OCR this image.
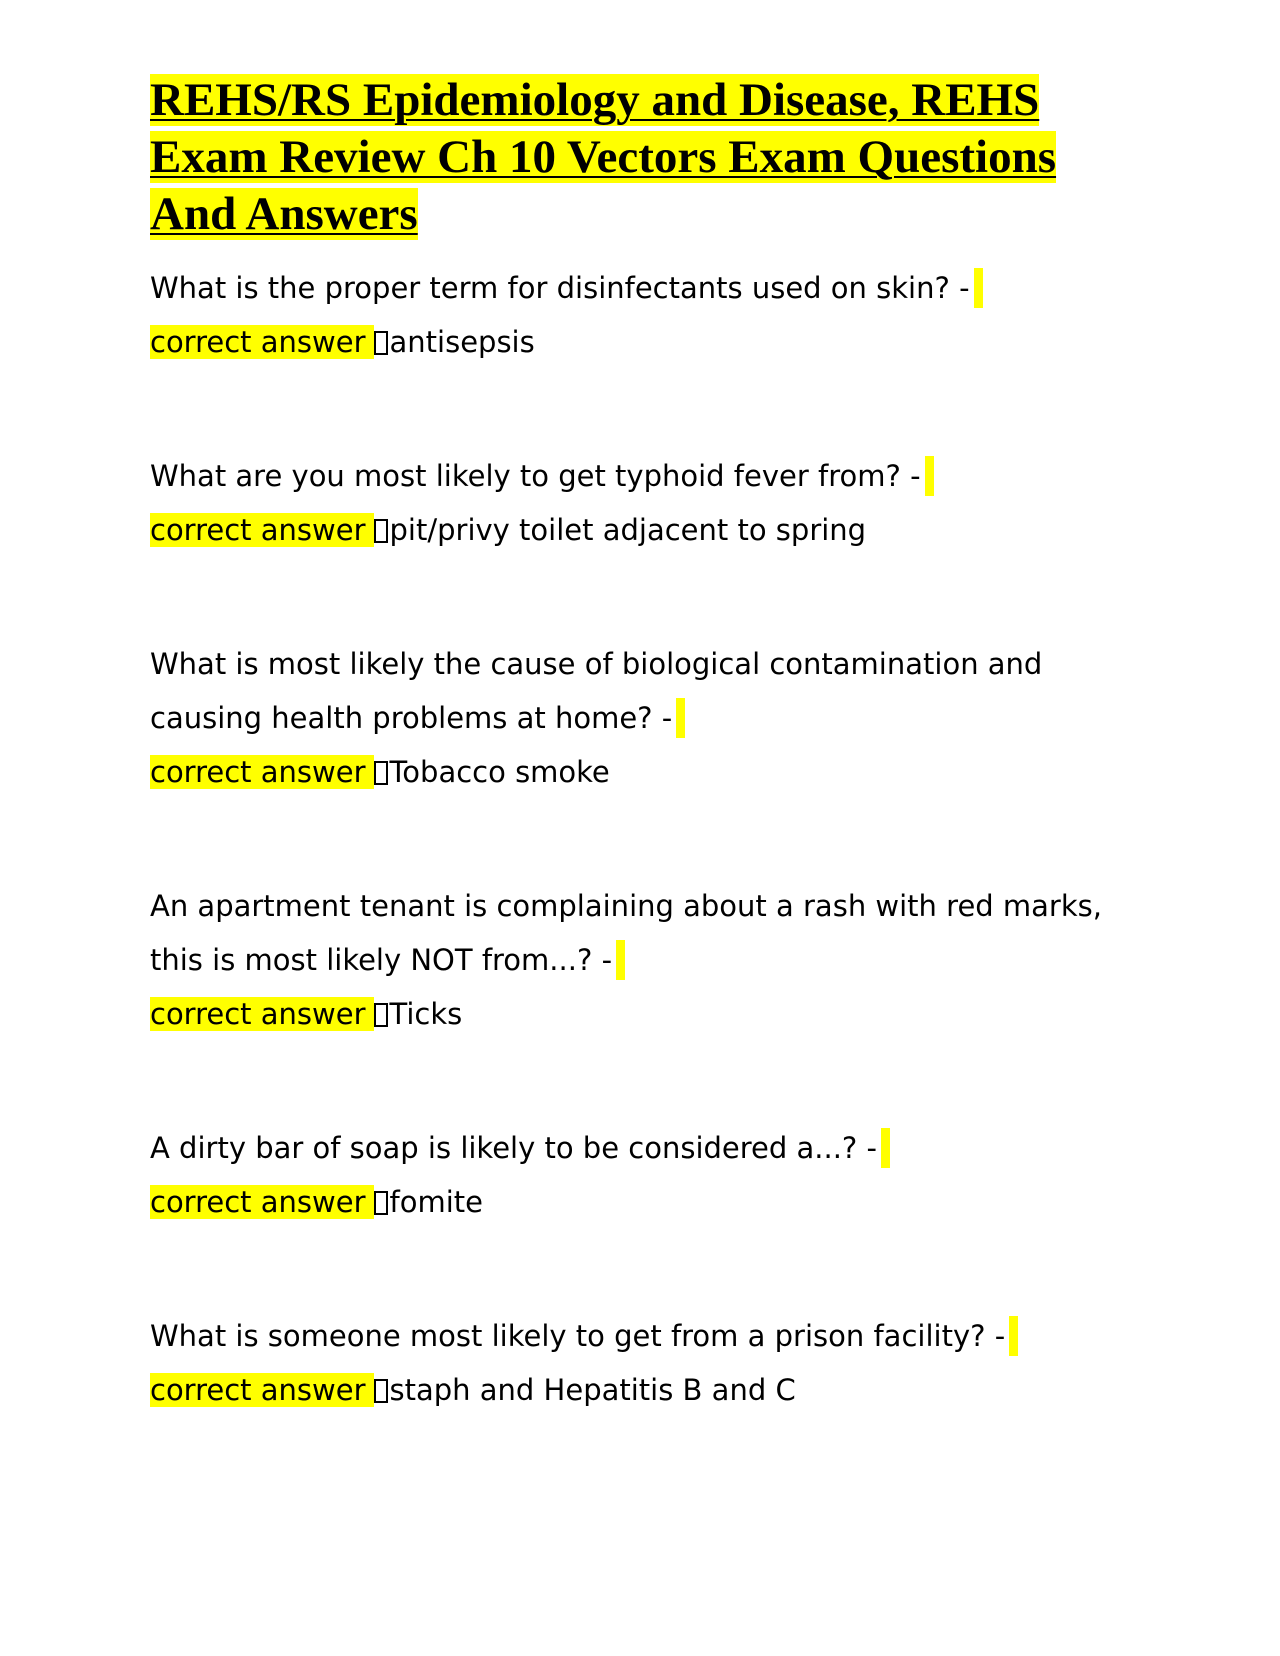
REHS/RS Epidemiology and Disease, REHS Exam Review Ch 10 Vectors Exam Questions And Answers

What is the proper term for disinfectants used on skin? -
correct answer antisepsis

What are you most likely to get typhoid fever from? -
correct answer pit/privy toilet adjacent to spring

What is most likely the cause of biological contamination and causing health problems at home? -
correct answer Tobacco smoke

An apartment tenant is complaining about a rash with red marks, this is most likely NOT from...? -
correct answer Ticks

A dirty bar of soap is likely to be considered a...? -
correct answer fomite

What is someone most likely to get from a prison facility? -
correct answer staph and Hepatitis B and C
